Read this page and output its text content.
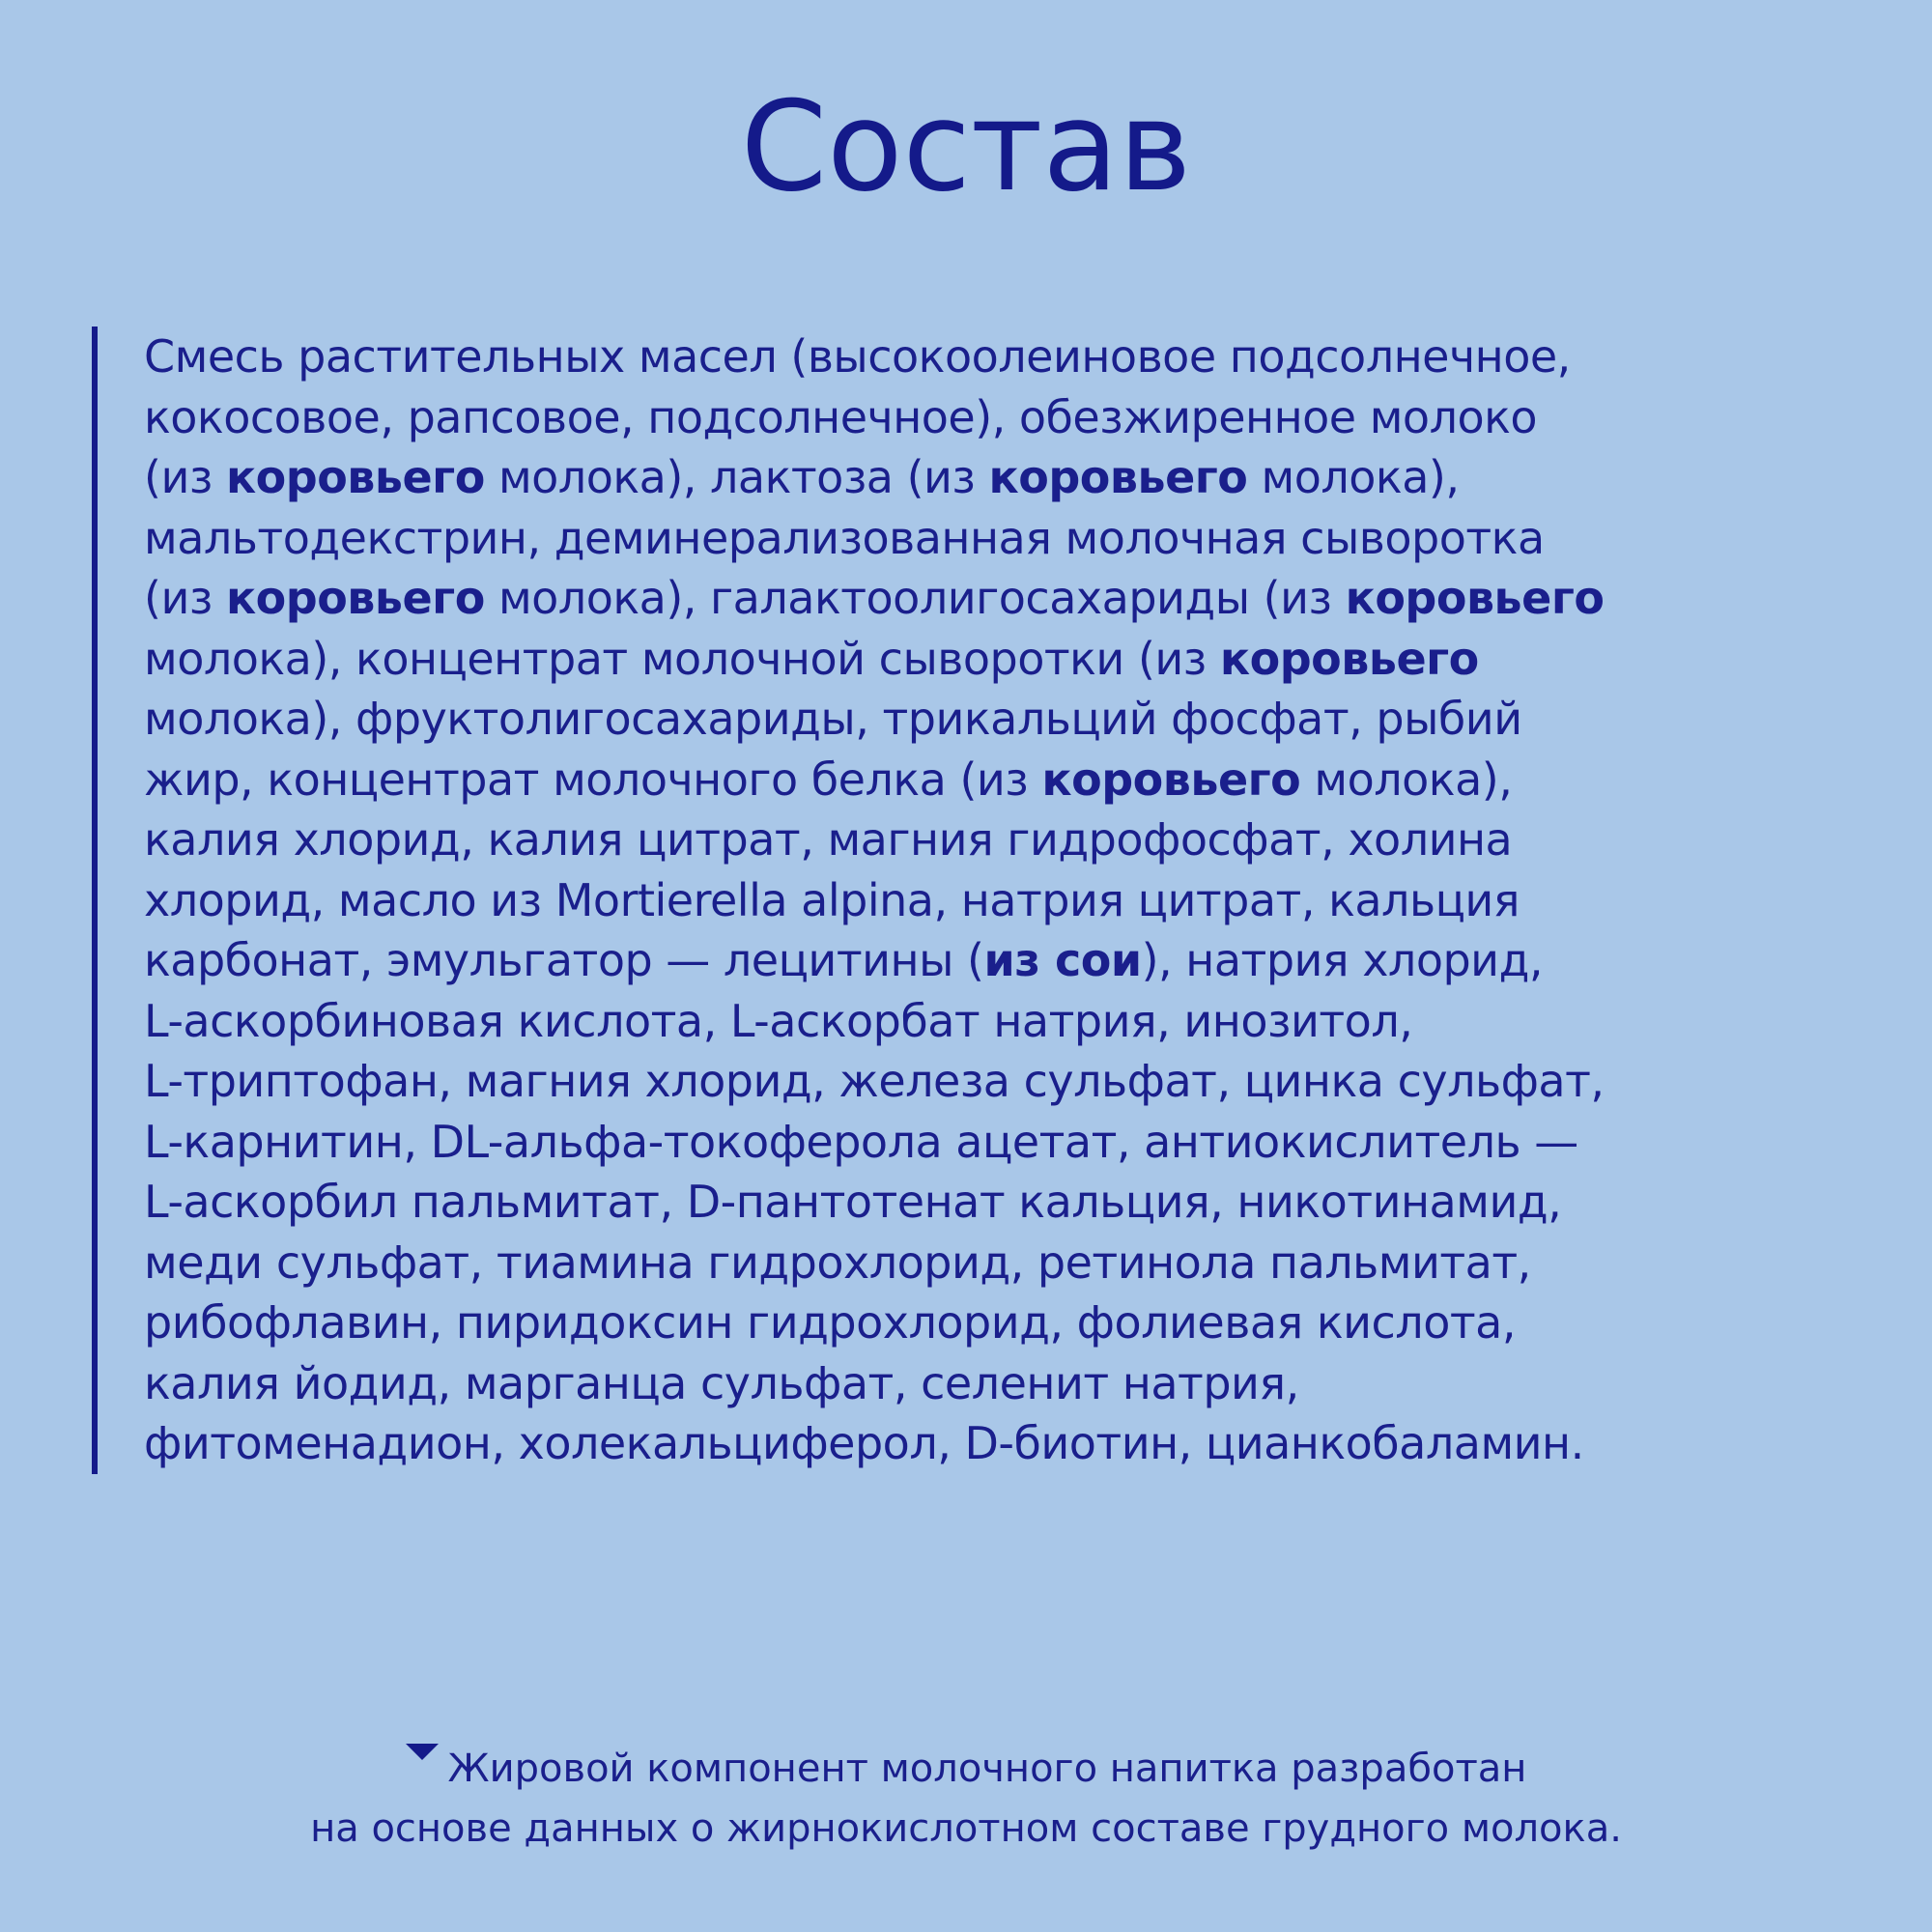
Состав
Смесь растительных масел (высокоолеиновое подсолнечное,
кокосовое, рапсовое, подсолнечное), обезжиренное молоко
(из коровьего молока), лактоза (из коровьего молока),
мальтодекстрин, деминерализованная молочная сыворотка
(из коровьего молока), галактоолигосахариды (из коровьего
молока), концентрат молочной сыворотки (из коровьего
молока), фруктолигосахариды, трикальций фосфат, рыбий
жир, концентрат молочного белка (из коровьего молока),
калия хлорид, калия цитрат, магния гидрофосфат, холина
хлорид, масло из Mortierella alpina, натрия цитрат, кальция
карбонат, эмульгатор — лецитины (из сои), натрия хлорид,
L-аскорбиновая кислота, L-аскорбат натрия, инозитол,
L-триптофан, магния хлорид, железа сульфат, цинка сульфат,
L-карнитин, DL-альфа-токоферола ацетат, антиокислитель —
L-аскорбил пальмитат, D-пантотенат кальция, никотинамид,
меди сульфат, тиамина гидрохлорид, ретинола пальмитат,
рибофлавин, пиридоксин гидрохлорид, фолиевая кислота,
калия йодид, марганца сульфат, селенит натрия,
фитоменадион, холекальциферол, D-биотин, цианкобаламин.
Жировой компонент молочного напитка разработан
на основе данных о жирнокислотном составе грудного молока.
